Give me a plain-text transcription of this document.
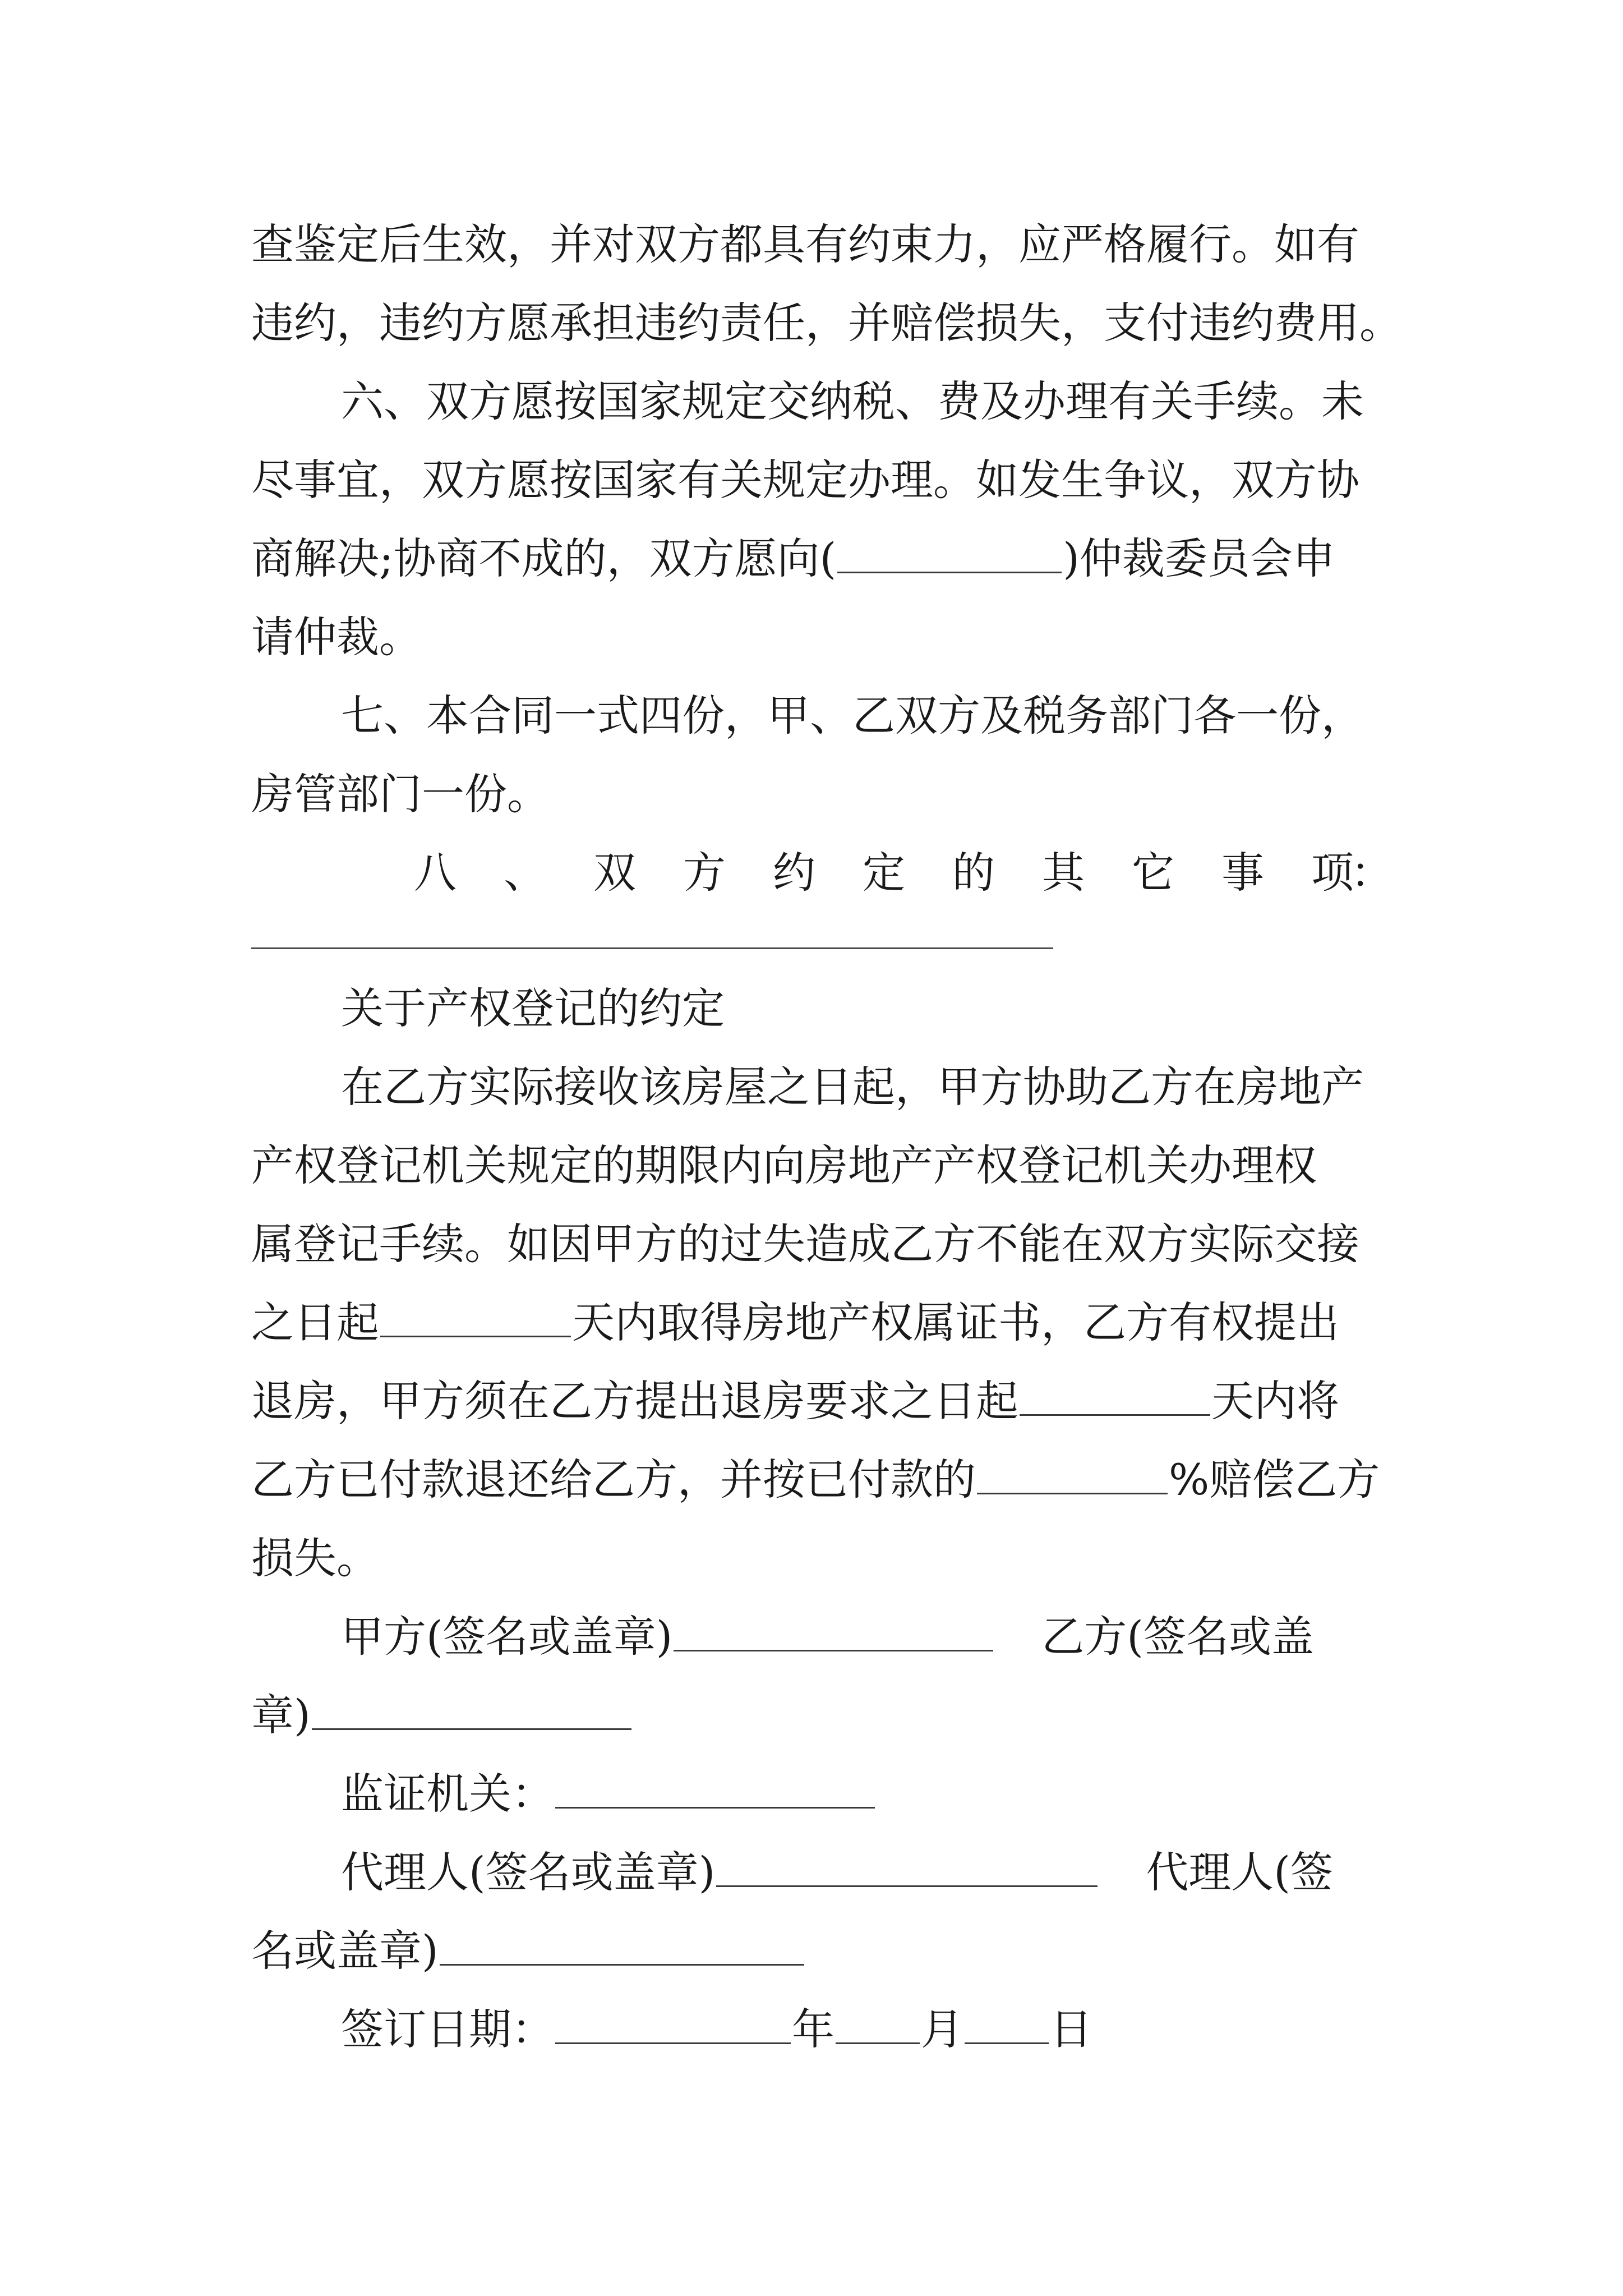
查鉴定后生效，并对双方都具有约束力，应严格履行。如有
违约，违约方愿承担违约责任，并赔偿损失，支付违约费用。
六、双方愿按国家规定交纳税、费及办理有关手续。未
尽事宜，双方愿按国家有关规定办理。如发生争议，双方协
商解决;协商不成的，双方愿向(	)仲裁委员会申
请仲裁。
七、本合同一式四份，甲、乙双方及税务部门各一份，
房管部门一份。
八 、 双 方 约 定 的 其 它 事 项
：
关于产权登记的约定
在乙方实际接收该房屋之日起，甲方协助乙方在房地产
产权登记机关规定的期限内向房地产产权登记机关办理权
属登记手续。如因甲方的过失造成乙方不能在双方实际交接
之日起	天内取得房地产权属证书，乙方有权提出
退房，甲方须在乙方提出退房要求之日起	天内将
乙方已付款退还给乙方，并按已付款的	%赔偿乙方
损失。
甲方(签名或盖章)	乙方(签名或盖
章)
监证机关：
代理人(签名或盖章)	代理人(签
名或盖章)
签订日期：	年 月 日
